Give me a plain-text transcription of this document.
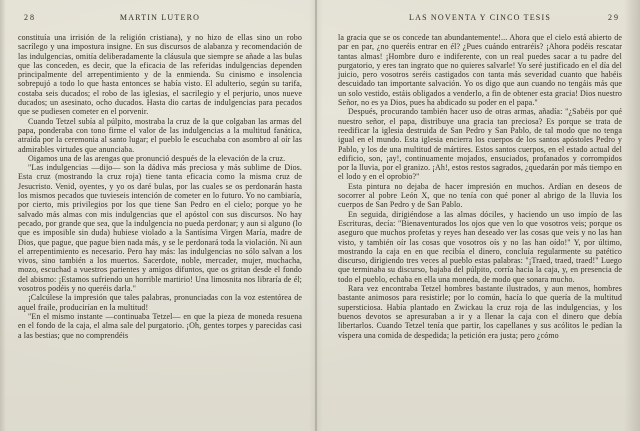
28	MARTIN LUTERO

constituía una irrisión de la religión cristiana), y no hizo de ellas sino un robo sacrílego y una impostura insigne. En sus discursos de alabanza y recomendación de las indulgencias, omitía deliberadamente la cláusula que siempre se añade a las bulas que las conceden, es decir, que la eficacia de las referidas indulgencias dependen principalmente del arrepentimiento y de la enmienda. Su cinismo e insolencia sobrepujó a todo lo que hasta entonces se había visto. El adulterio, según su tarifa, costaba seis ducados; el robo de las iglesias, el sacrilegio y el perjurio, unos nueve ducados; un asesinato, ocho ducados. Hasta dio cartas de indulgencias para pecados que se pudiesen cometer en el porvenir.

Cuando Tetzel subía al púlpito, mostraba la cruz de la que colgaban las armas del papa, ponderaba con tono firme el valor de las indulgencias a la multitud fanática, atraída por la ceremonia al santo lugar; el pueblo le escuchaba con asombro al oír las admirables virtudes que anunciaba.

Oigamos una de las arengas que pronunció después de la elevación de la cruz.

"Las indulgencias —dijo— son la dádiva más preciosa y más sublime de Dios. Esta cruz (mostrando la cruz roja) tiene tanta eficacia como la misma cruz de Jesucristo. Venid, oyentes, y yo os daré bulas, por las cuales se os perdonarán hasta los mismos pecados que tuvieseis intención de cometer en lo futuro. Yo no cambiaría, por cierto, mis privilegios por los que tiene San Pedro en el cielo; porque yo he salvado más almas con mis indulgencias que el apóstol con sus discursos. No hay pecado, por grande que sea, que la indulgencia no pueda perdonar; y aun si alguno (lo que es imposible sin duda) hubiese violado a la Santísima Virgen María, madre de Dios, que pague, que pague bien nada más, y se le perdonará toda la violación. Ni aun el arrepentimiento es necesario. Pero hay más: las indulgencias no sólo salvan a los vivos, sino también a los muertos. Sacerdote, noble, mercader, mujer, muchacha, mozo, escuchad a vuestros parientes y amigos difuntos, que os gritan desde el fondo del abismo: ¡Estamos sufriendo un horrible martirio! Una limosnita nos libraría de él; vosotros podéis y no queréis darla."

¡Calcúlese la impresión que tales palabras, pronunciadas con la voz estentórea de aquel fraile, producirían en la multitud!

"En el mismo instante —continuaba Tetzel— en que la pieza de moneda resuena en el fondo de la caja, el alma sale del purgatorio. ¡Oh, gentes torpes y parecidas casi a las bestias; que no comprendéis

LAS NOVENTA Y CINCO TESIS	29

la gracia que se os concede tan abundantemente!... Ahora que el cielo está abierto de par en par, ¿no queréis entrar en él? ¿Pues cuándo entraréis? ¡Ahora podéis rescatar tantas almas! ¡Hombre duro e indiferente, con un real puedes sacar a tu padre del purgatorio, y eres tan ingrato que no quieres salvarle! Yo seré justificado en el día del juicio, pero vosotros seréis castigados con tanta más severidad cuanto que habéis descuidado tan importante salvación. Yo os digo que aun cuando no tengáis más que un solo vestido, estáis obligados a venderlo, a fin de obtener esta gracia! Dios nuestro Señor, no es ya Dios, pues ha abdicado su poder en el papa."

Después, procurando también hacer uso de otras armas, añadía: "¿Sabéis por qué nuestro señor, el papa, distribuye una gracia tan preciosa? Es porque se trata de reedificar la iglesia destruida de San Pedro y San Pablo, de tal modo que no tenga igual en el mundo. Esta iglesia encierra los cuerpos de los santos apóstoles Pedro y Pablo, y los de una multitud de mártires. Estos santos cuerpos, en el estado actual del edificio, son, ¡ay!, continuamente mojados, ensuciados, profanados y corrompidos por la lluvia, por el granizo. ¡Ah!, estos restos sagrados, ¿quedarán por más tiempo en el lodo y en el oprobio?"

Esta pintura no dejaba de hacer impresión en muchos. Ardían en deseos de socorrer al pobre León X, que no tenía con qué poner al abrigo de la lluvia los cuerpos de San Pedro y de San Pablo.

En seguida, dirigiéndose a las almas dóciles, y haciendo un uso impío de las Escrituras, decía: "Bienaventurados los ojos que ven lo que vosotros veis; porque os aseguro que muchos profetas y reyes han deseado ver las cosas que veis y no las han visto, y también oír las cosas que vosotros oís y no las han oído!" Y, por último, mostrando la caja en en que recibía el dinero, concluía regularmente su patético discurso, dirigiendo tres veces al pueblo estas palabras: "¡Traed, traed, traed!" Luego que terminaba su discurso, bajaba del púlpito, corría hacia la caja, y, en presencia de todo el pueblo, echaba en ella una moneda, de modo que sonara mucho.

Rara vez encontraba Tetzel hombres bastante ilustrados, y aun menos, hombres bastante animosos para resistirle; por lo común, hacía lo que quería de la multitud supersticiosa. Había plantado en Zwickau la cruz roja de las indulgencias, y los buenos devotos se apresuraban a ir y a llenar la caja con el dinero que debía libertarlos. Cuando Tetzel tenía que partir, los capellanes y sus acólitos le pedían la víspera una comida de despedida; la petición era justa; pero ¿cómo
